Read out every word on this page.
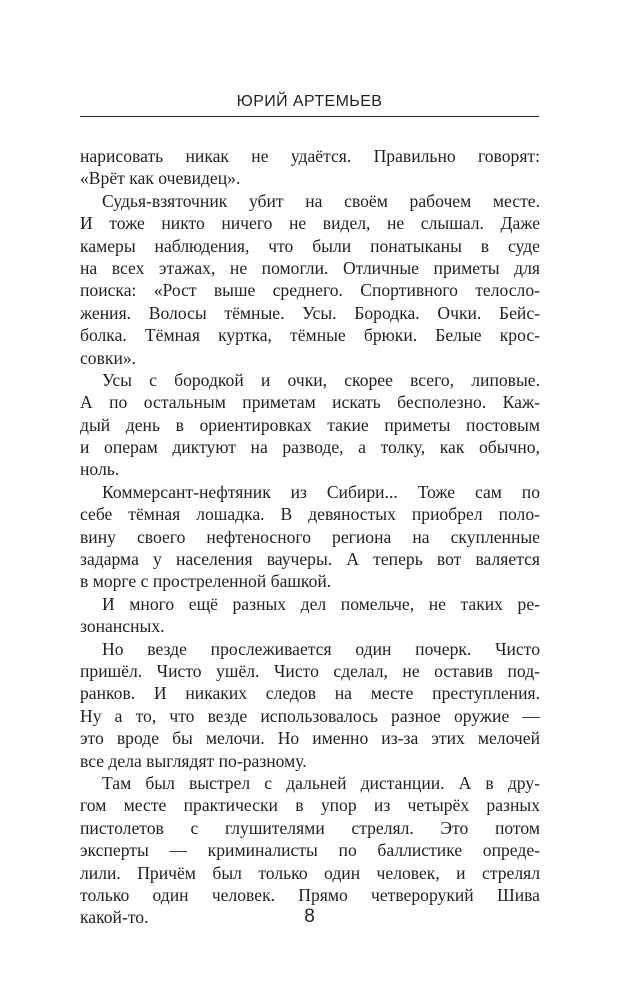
ЮРИЙ АРТЕМЬЕВ
нарисовать никак не удаётся. Правильно говорят:
«Врёт как очевидец».
Судья-взяточник убит на своём рабочем месте.
И тоже никто ничего не видел, не слышал. Даже
камеры наблюдения, что были понатыканы в суде
на всех этажах, не помогли. Отличные приметы для
поиска: «Рост выше среднего. Спортивного телосло-
жения. Волосы тёмные. Усы. Бородка. Очки. Бейс-
болка. Тёмная куртка, тёмные брюки. Белые крос-
совки».
Усы с бородкой и очки, скорее всего, липовые.
А по остальным приметам искать бесполезно. Каж-
дый день в ориентировках такие приметы постовым
и операм диктуют на разводе, а толку, как обычно,
ноль.
Коммерсант-нефтяник из Сибири... Тоже сам по
себе тёмная лошадка. В девяностых приобрел поло-
вину своего нефтеносного региона на скупленные
задарма у населения ваучеры. А теперь вот валяется
в морге с простреленной башкой.
И много ещё разных дел помельче, не таких ре-
зонансных.
Но везде прослеживается один почерк. Чисто
пришёл. Чисто ушёл. Чисто сделал, не оставив под-
ранков. И никаких следов на месте преступления.
Ну а то, что везде использовалось разное оружие —
это вроде бы мелочи. Но именно из-за этих мелочей
все дела выглядят по-разному.
Там был выстрел с дальней дистанции. А в дру-
гом месте практически в упор из четырёх разных
пистолетов с глушителями стрелял. Это потом
эксперты — криминалисты по баллистике опреде-
лили. Причём был только один человек, и стрелял
только один человек. Прямо четверорукий Шива
какой-то.	8
